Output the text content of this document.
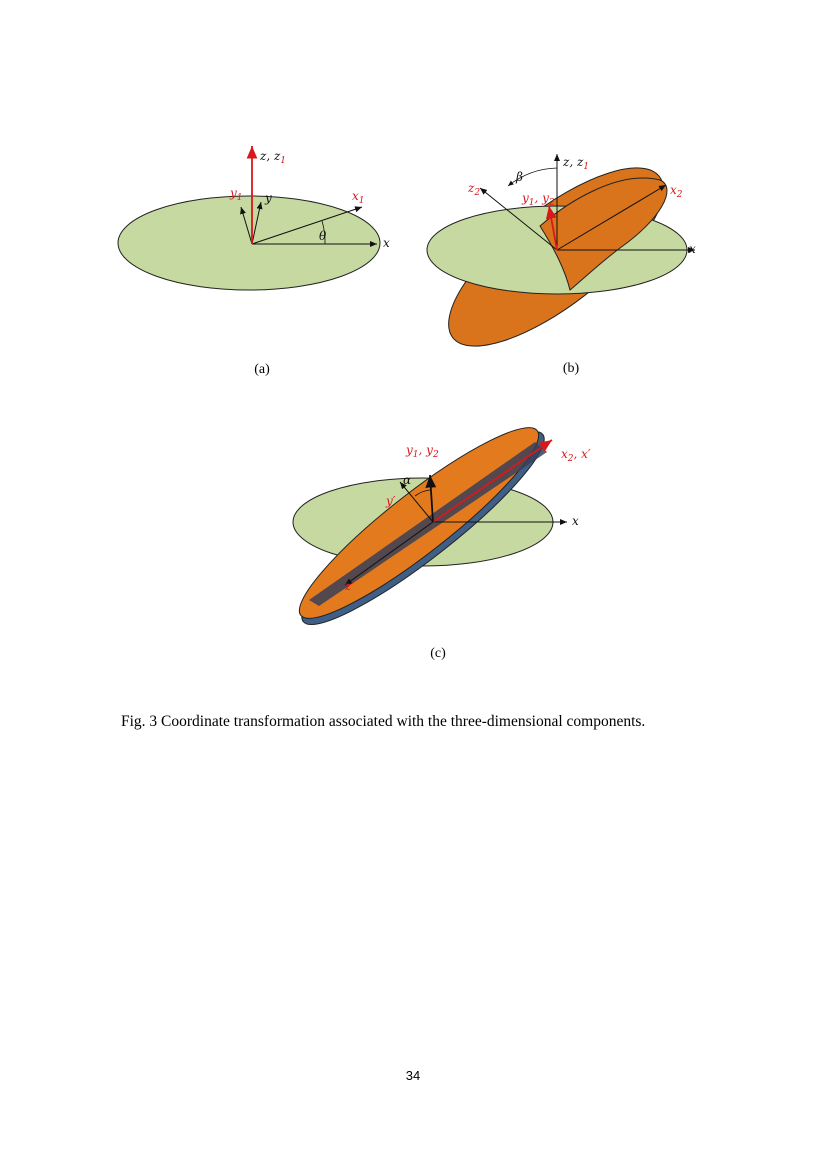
z, $z_1$
$y_1$ y	$x_1$
x
θ
(a)
z, $z_1$
$z_2$
β
$y_1$, $y_2$
$x_2$
x
(b)
$y_1$, $y_2$	$x_2$, x′
α
y′
z′
x
(c)
Fig. 3 Coordinate transformation associated with the three-dimensional components.
34
